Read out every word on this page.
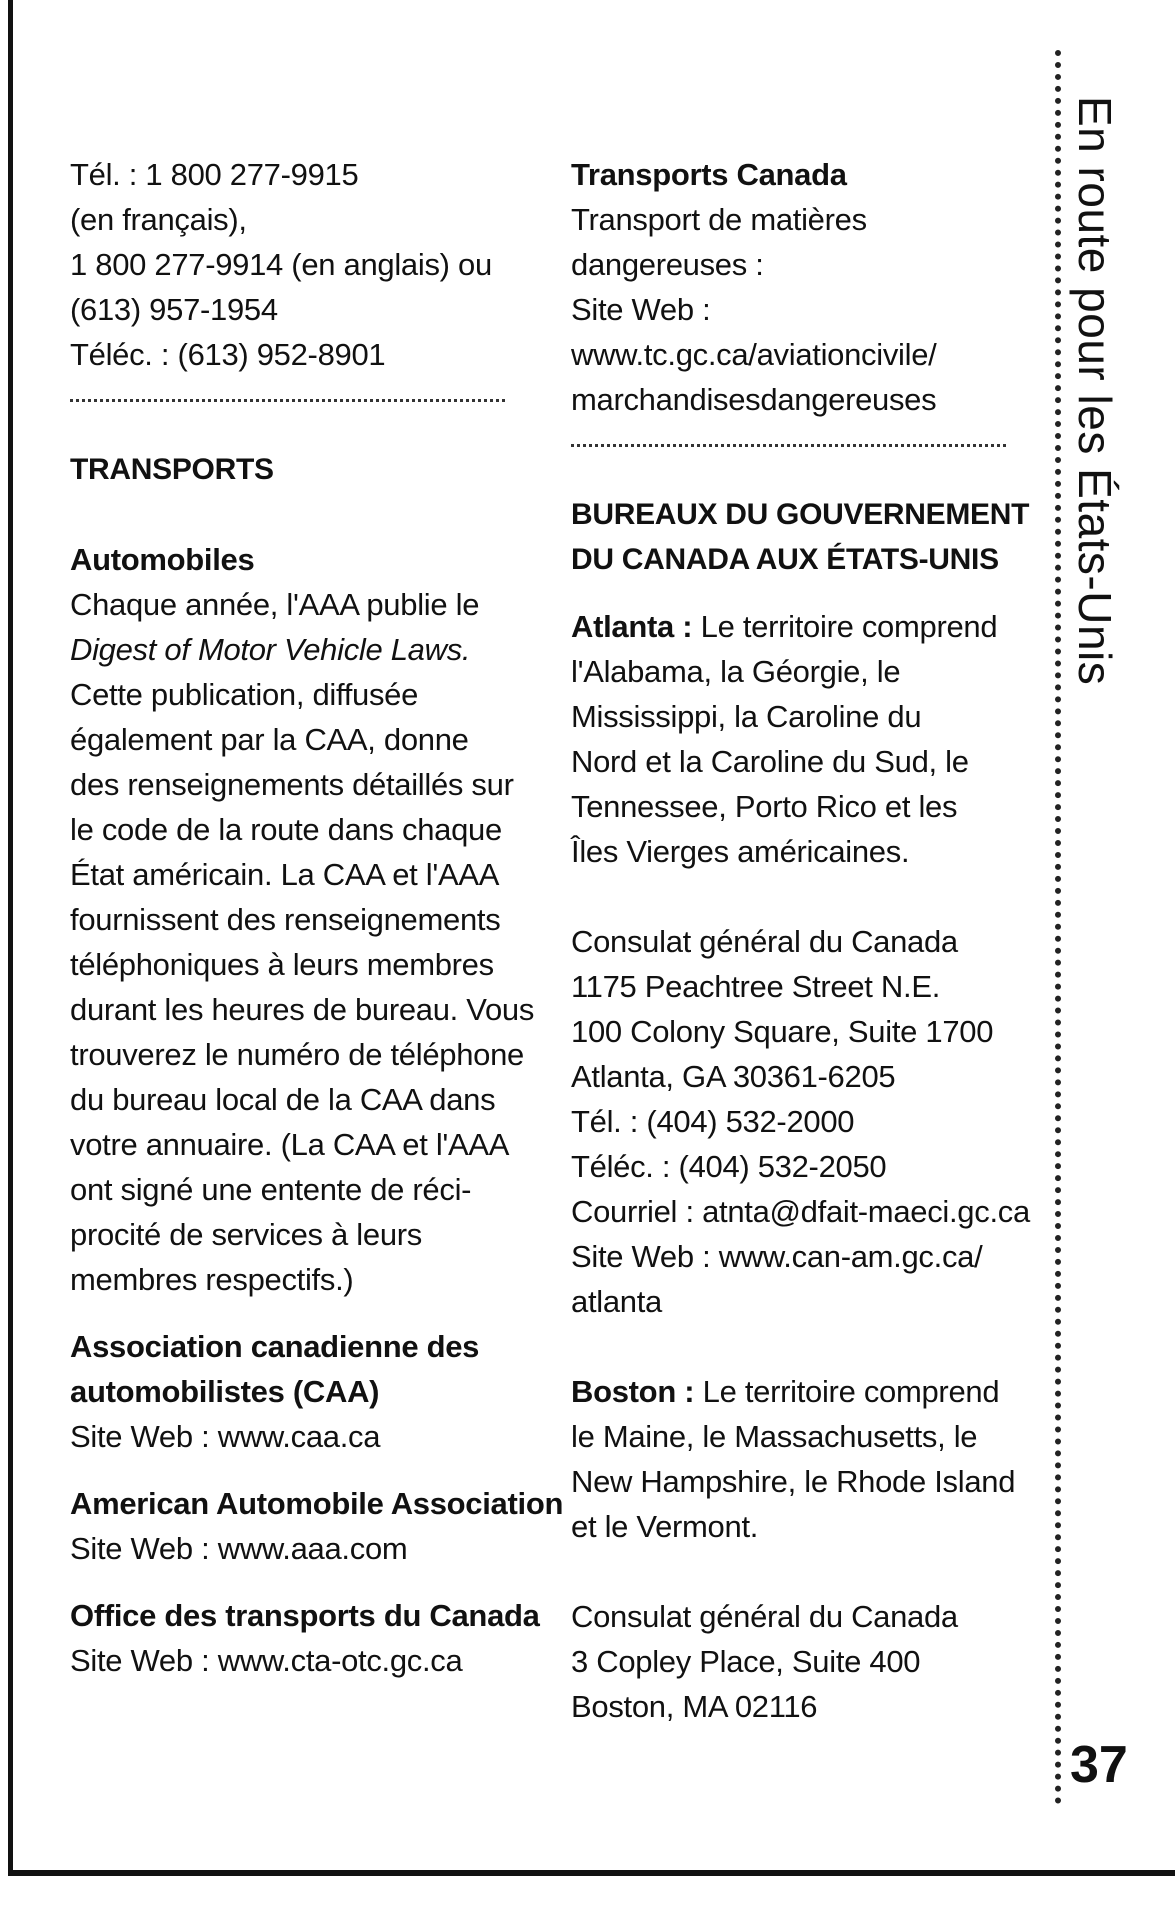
Tél. : 1 800 277-9915
(en français),
1 800 277-9914 (en anglais) ou
(613) 957-1954
Téléc. : (613) 952-8901
TRANSPORTS
Automobiles
Chaque année, l'AAA publie le
Digest of Motor Vehicle Laws.
Cette publication, diffusée
également par la CAA, donne
des renseignements détaillés sur
le code de la route dans chaque
État américain. La CAA et l'AAA
fournissent des renseignements
téléphoniques à leurs membres
durant les heures de bureau. Vous
trouverez le numéro de téléphone
du bureau local de la CAA dans
votre annuaire. (La CAA et l'AAA
ont signé une entente de réci-
procité de services à leurs
membres respectifs.)
Association canadienne des
automobilistes (CAA)
Site Web : www.caa.ca
American Automobile Association
Site Web : www.aaa.com
Office des transports du Canada
Site Web : www.cta-otc.gc.ca
Transports Canada
Transport de matières
dangereuses :
Site Web :
www.tc.gc.ca/aviationcivile/
marchandisesdangereuses
BUREAUX DU GOUVERNEMENT
DU CANADA AUX ÉTATS-UNIS
Atlanta : Le territoire comprend
l'Alabama, la Géorgie, le
Mississippi, la Caroline du
Nord et la Caroline du Sud, le
Tennessee, Porto Rico et les
Îles Vierges américaines.
Consulat général du Canada
1175 Peachtree Street N.E.
100 Colony Square, Suite 1700
Atlanta, GA 30361-6205
Tél. : (404) 532-2000
Téléc. : (404) 532-2050
Courriel : atnta@dfait-maeci.gc.ca
Site Web : www.can-am.gc.ca/
atlanta
Boston : Le territoire comprend
le Maine, le Massachusetts, le
New Hampshire, le Rhode Island
et le Vermont.
Consulat général du Canada
3 Copley Place, Suite 400
Boston, MA 02116
En route pour les États-Unis
37
